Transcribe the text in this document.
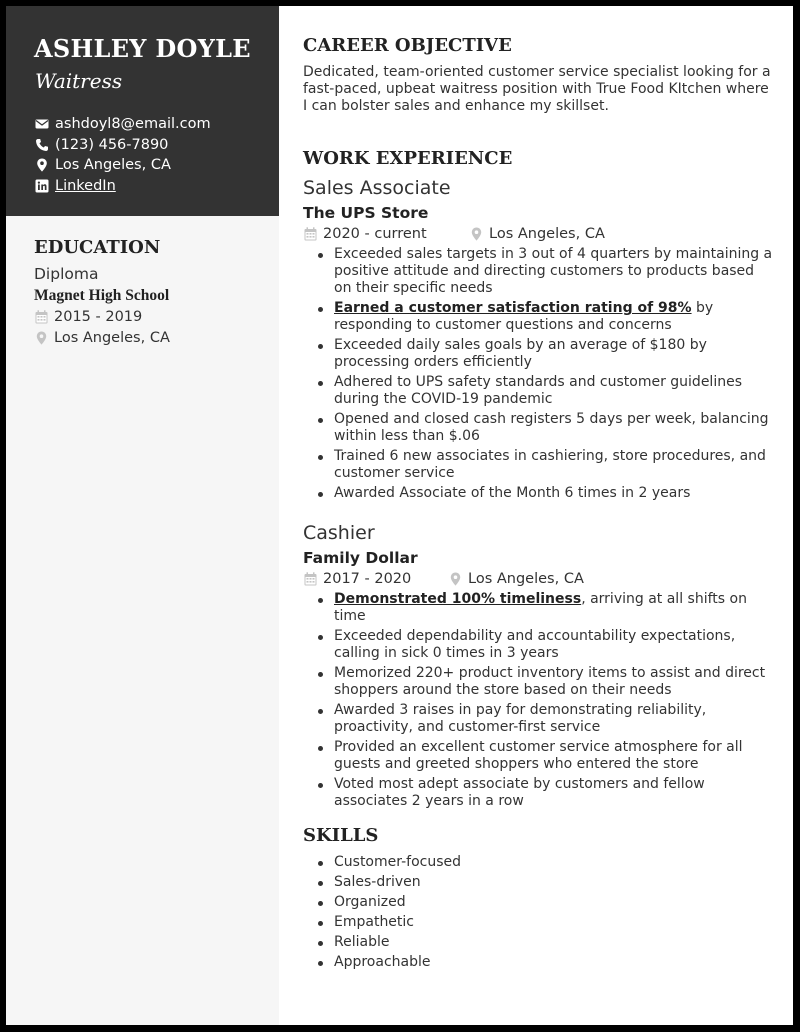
ASHLEY DOYLE
Waitress
ashdoyl8@email.com
(123) 456-7890
Los Angeles, CA
LinkedIn
EDUCATION
Diploma
Magnet High School
2015 - 2019
Los Angeles, CA
CAREER OBJECTIVE

Dedicated, team-oriented customer service specialist looking for a fast-paced, upbeat waitress position with True Food KItchen where I can bolster sales and enhance my skillset.

WORK EXPERIENCE
Sales Associate
The UPS Store
2020 - current	Los Angeles, CA
Exceeded sales targets in 3 out of 4 quarters by maintaining a positive attitude and directing customers to products based on their specific needs
Earned a customer satisfaction rating of 98% by responding to customer questions and concerns
Exceeded daily sales goals by an average of $180 by processing orders efficiently
Adhered to UPS safety standards and customer guidelines during the COVID-19 pandemic
Opened and closed cash registers 5 days per week, balancing within less than $.06
Trained 6 new associates in cashiering, store procedures, and customer service
Awarded Associate of the Month 6 times in 2 years
Cashier
Family Dollar
2017 - 2020	Los Angeles, CA
Demonstrated 100% timeliness, arriving at all shifts on time
Exceeded dependability and accountability expectations, calling in sick 0 times in 3 years
Memorized 220+ product inventory items to assist and direct shoppers around the store based on their needs
Awarded 3 raises in pay for demonstrating reliability, proactivity, and customer-first service
Provided an excellent customer service atmosphere for all guests and greeted shoppers who entered the store
Voted most adept associate by customers and fellow associates 2 years in a row
SKILLS
Customer-focused
Sales-driven
Organized
Empathetic
Reliable
Approachable
